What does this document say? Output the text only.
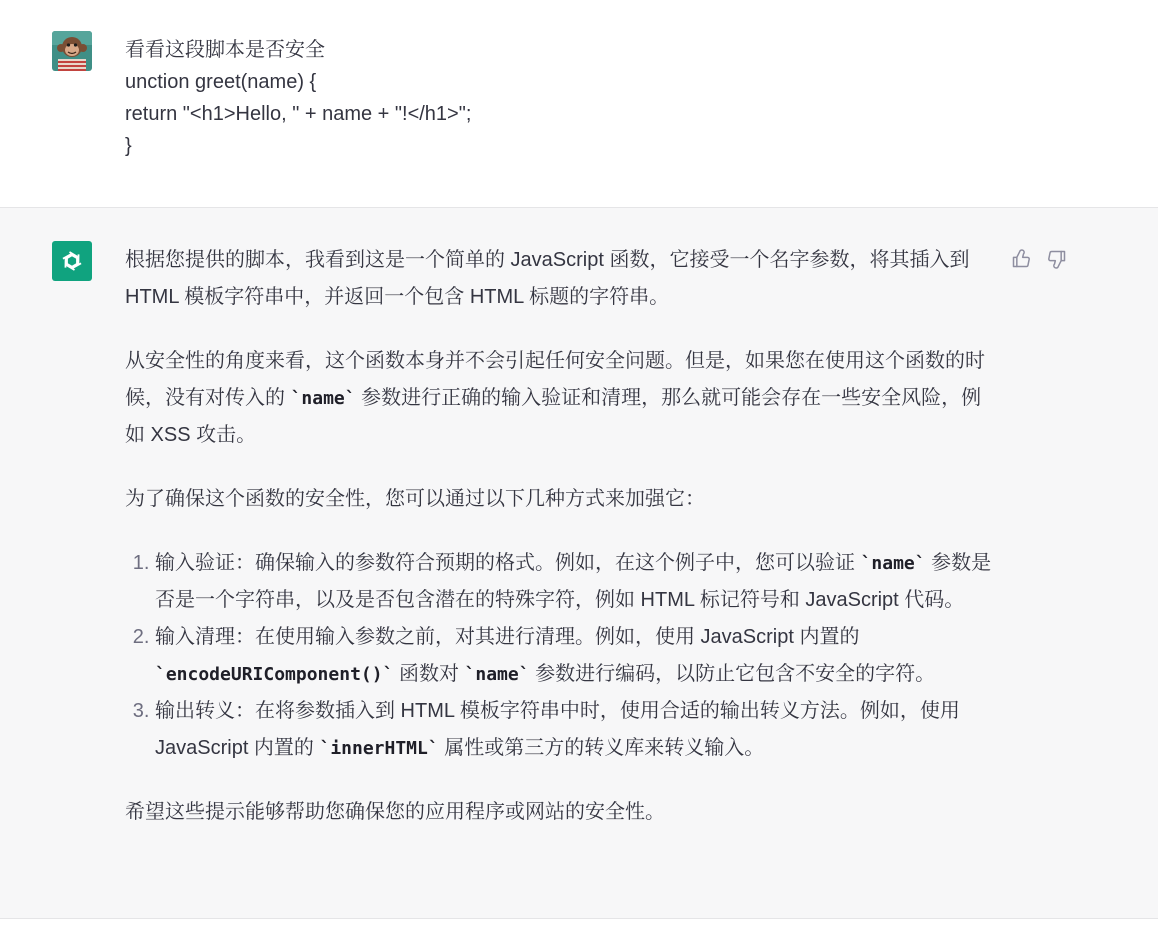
看看这段脚本是否安全
unction greet(name) {
return "<h1>Hello, " + name + "!</h1>";
}

根据您提供的脚本，我看到这是一个简单的 JavaScript 函数，它接受一个名字参数，将其插入到 HTML 模板字符串中，并返回一个包含 HTML 标题的字符串。

从安全性的角度来看，这个函数本身并不会引起任何安全问题。但是，如果您在使用这个函数的时候，没有对传入的 `name` 参数进行正确的输入验证和清理，那么就可能会存在一些安全风险，例如 XSS 攻击。

为了确保这个函数的安全性，您可以通过以下几种方式来加强它：

1. 输入验证：确保输入的参数符合预期的格式。例如，在这个例子中，您可以验证 `name` 参数是否是一个字符串，以及是否包含潜在的特殊字符，例如 HTML 标记符号和 JavaScript 代码。
2. 输入清理：在使用输入参数之前，对其进行清理。例如，使用 JavaScript 内置的 `encodeURIComponent()` 函数对 `name` 参数进行编码，以防止它包含不安全的字符。
3. 输出转义：在将参数插入到 HTML 模板字符串中时，使用合适的输出转义方法。例如，使用 JavaScript 内置的 `innerHTML` 属性或第三方的转义库来转义输入。

希望这些提示能够帮助您确保您的应用程序或网站的安全性。
